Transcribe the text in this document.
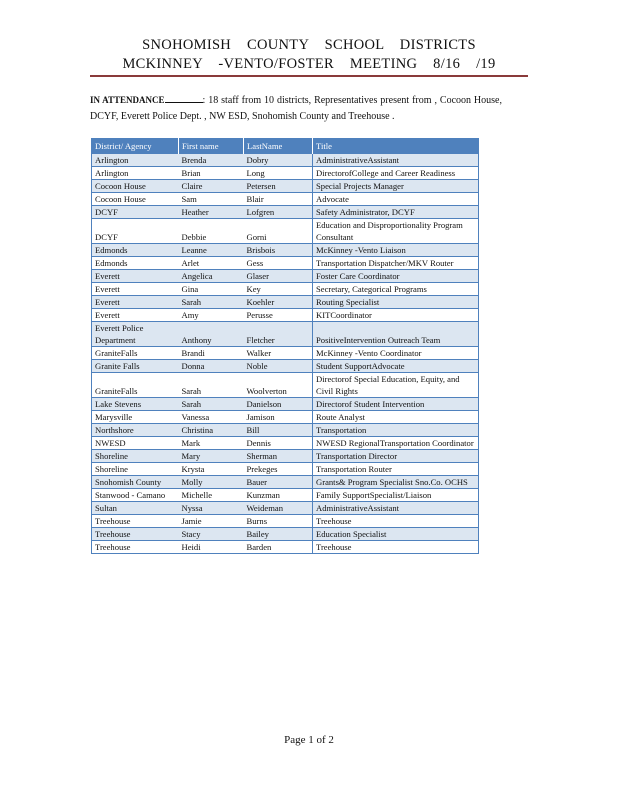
SNOHOMISH COUNTY SCHOOL DISTRICTS
MCKINNEY -VENTO/FOSTER MEETING 8/16 /19
IN ATTENDANCE	: 18 staff from 10 districts, Representatives present from , Cocoon House, DCYF, Everett Police Dept. , NW ESD, Snohomish County and Treehouse .
District/ Agency	First name	LastName	Title
Arlington	Brenda	Dobry	AdministrativeAssistant
Arlington	Brian	Long	DirectorofCollege and Career Readiness
Cocoon House	Claire	Petersen	Special Projects Manager
Cocoon House	Sam	Blair	Advocate
DCYF	Heather	Lofgren	Safety Administrator, DCYF
DCYF	Debbie	Gorni	Education and Disproportionality Program Consultant
Edmonds	Leanne	Brisbois	McKinney -Vento Liaison
Edmonds	Arlet	Gess	Transportation Dispatcher/MKV Router
Everett	Angelica	Glaser	Foster Care Coordinator
Everett	Gina	Key	Secretary, Categorical Programs
Everett	Sarah	Koehler	Routing Specialist
Everett	Amy	Perusse	KITCoordinator
Everett Police Department	Anthony	Fletcher	PositiveIntervention Outreach Team
GraniteFalls	Brandi	Walker	McKinney -Vento Coordinator
Granite Falls	Donna	Noble	Student SupportAdvocate
GraniteFalls	Sarah	Woolverton	Directorof Special Education, Equity, and Civil Rights
Lake Stevens	Sarah	Danielson	Directorof Student Intervention
Marysville	Vanessa	Jamison	Route Analyst
Northshore	Christina	Bill	Transportation
NWESD	Mark	Dennis	NWESD RegionalTransportation Coordinator
Shoreline	Mary	Sherman	Transportation Director
Shoreline	Krysta	Prekeges	Transportation Router
Snohomish County	Molly	Bauer	Grants& Program Specialist Sno.Co. OCHS
Stanwood - Camano	Michelle	Kunzman	Family SupportSpecialist/Liaison
Sultan	Nyssa	Weideman	AdministrativeAssistant
Treehouse	Jamie	Burns	Treehouse
Treehouse	Stacy	Bailey	Education Specialist
Treehouse	Heidi	Barden	Treehouse
Page 1 of 2
